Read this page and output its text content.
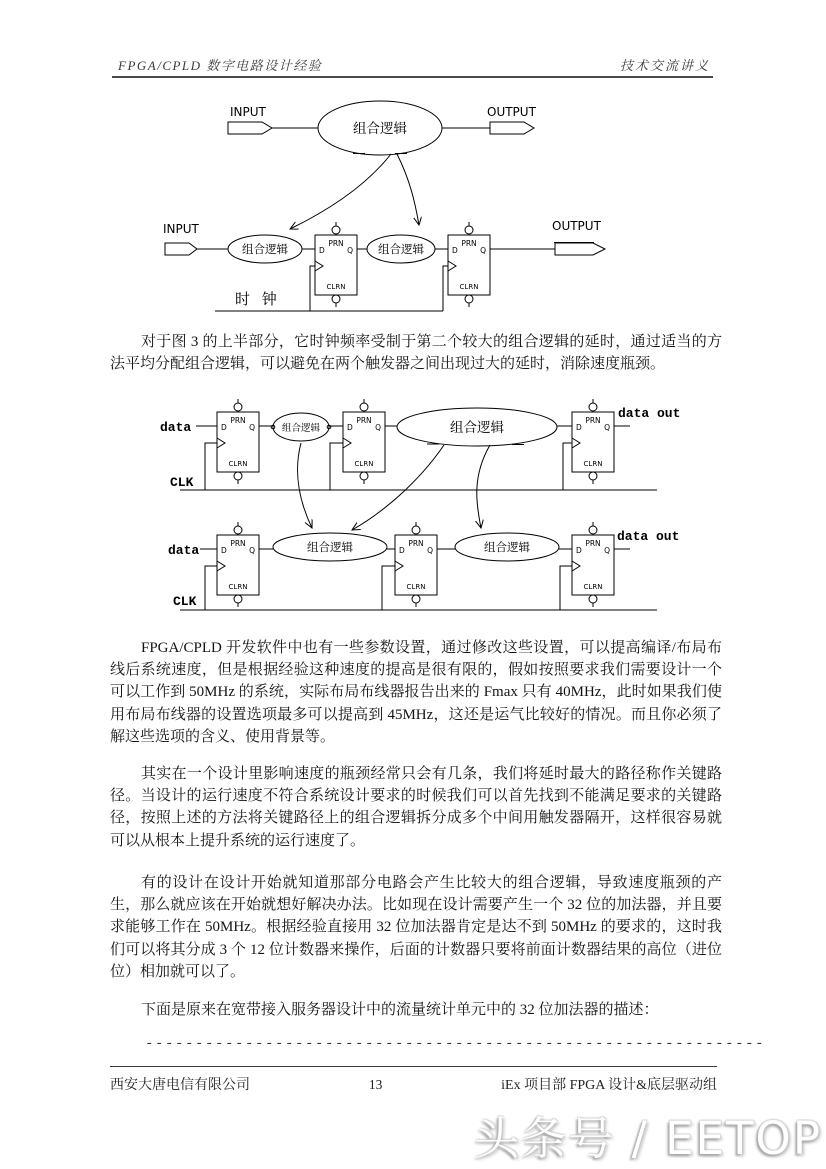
FPGA/CPLD 数字电路设计经验	技术交流讲义
PRN
D	Q
CLRN
INPUT
组合逻辑
OUTPUT
INPUT
组合逻辑	组合逻辑
OUTPUT
时 钟
对于图 3 的上半部分，它时钟频率受制于第二个较大的组合逻辑的延时，通过适当的方法平均分配组合逻辑，可以避免在两个触发器之间出现过大的延时，消除速度瓶颈。
data	组合逻辑	组合逻辑
data out
CLK
data	组合逻辑	组合逻辑
data out
CLK
FPGA/CPLD 开发软件中也有一些参数设置，通过修改这些设置，可以提高编译/布局布线后系统速度，但是根据经验这种速度的提高是很有限的，假如按照要求我们需要设计一个可以工作到 50MHz 的系统，实际布局布线器报告出来的 Fmax 只有 40MHz，此时如果我们使用布局布线器的设置选项最多可以提高到 45MHz，这还是运气比较好的情况。而且你必须了解这些选项的含义、使用背景等。
其实在一个设计里影响速度的瓶颈经常只会有几条，我们将延时最大的路径称作关键路径。当设计的运行速度不符合系统设计要求的时候我们可以首先找到不能满足要求的关键路径，按照上述的方法将关键路径上的组合逻辑拆分成多个中间用触发器隔开，这样很容易就可以从根本上提升系统的运行速度了。
有的设计在设计开始就知道那部分电路会产生比较大的组合逻辑，导致速度瓶颈的产生，那么就应该在开始就想好解决办法。比如现在设计需要产生一个 32 位的加法器，并且要求能够工作在 50MHz。根据经验直接用 32 位加法器肯定是达不到 50MHz 的要求的，这时我们可以将其分成 3 个 12 位计数器来操作，后面的计数器只要将前面计数器结果的高位（进位位）相加就可以了。
下面是原来在宽带接入服务器设计中的流量统计单元中的 32 位加法器的描述：
--------------------------------------------------------------
西安大唐电信有限公司	13	iEx 项目部 FPGA 设计&底层驱动组
头条号 / EETOP
